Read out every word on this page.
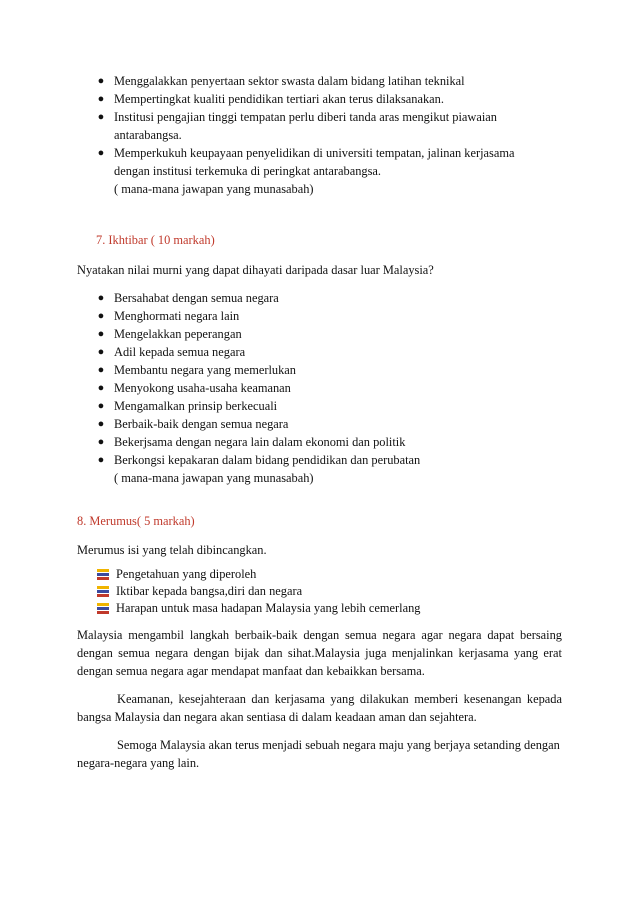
● Menggalakkan penyertaan sektor swasta dalam bidang latihan teknikal
● Mempertingkat kualiti pendidikan tertiari akan terus dilaksanakan.
● Institusi pengajian tinggi tempatan perlu diberi tanda aras mengikut piawaian
antarabangsa.
● Memperkukuh keupayaan penyelidikan di universiti tempatan, jalinan kerjasama
dengan institusi terkemuka di peringkat antarabangsa.
( mana-mana jawapan yang munasabah)
7. Ikhtibar ( 10 markah)
Nyatakan nilai murni yang dapat dihayati daripada dasar luar Malaysia?
● Bersahabat dengan semua negara
● Menghormati negara lain
● Mengelakkan peperangan
● Adil kepada semua negara
● Membantu negara yang memerlukan
● Menyokong usaha-usaha keamanan
● Mengamalkan prinsip berkecuali
● Berbaik-baik dengan semua negara
● Bekerjsama dengan negara lain dalam ekonomi dan politik
● Berkongsi kepakaran dalam bidang pendidikan dan perubatan
( mana-mana jawapan yang munasabah)
8. Merumus( 5 markah)
Merumus isi yang telah dibincangkan.
Pengetahuan yang diperoleh
Iktibar kepada bangsa,diri dan negara
Harapan untuk masa hadapan Malaysia yang lebih cemerlang
Malaysia mengambil langkah berbaik-baik dengan semua negara agar negara dapat bersaing dengan semua negara dengan bijak dan sihat.Malaysia juga menjalinkan kerjasama yang erat dengan semua negara agar mendapat manfaat dan kebaikkan bersama.
Keamanan, kesejahteraan dan kerjasama yang dilakukan memberi kesenangan kepada bangsa Malaysia dan negara akan sentiasa di dalam keadaan aman dan sejahtera.
Semoga Malaysia akan terus menjadi sebuah negara maju yang berjaya setanding dengan negara-negara yang lain.
